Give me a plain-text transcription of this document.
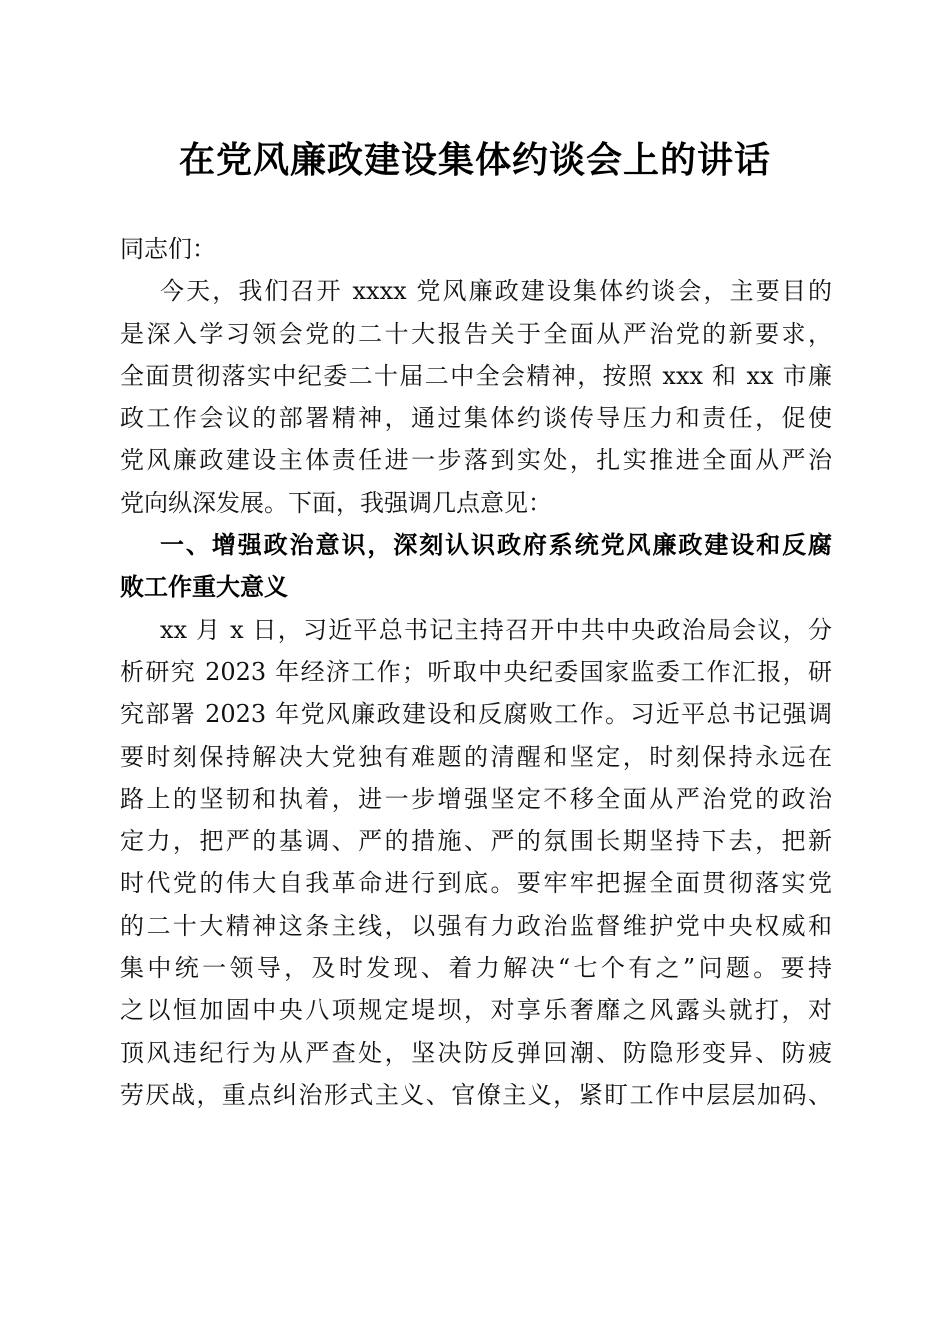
在党风廉政建设集体约谈会上的讲话
同志们：
今天，我们召开 xxxx 党风廉政建设集体约谈会，主要目的
是深入学习领会党的二十大报告关于全面从严治党的新要求，
全面贯彻落实中纪委二十届二中全会精神，按照 xxx 和 xx 市廉
政工作会议的部署精神，通过集体约谈传导压力和责任，促使
党风廉政建设主体责任进一步落到实处，扎实推进全面从严治
党向纵深发展。下面，我强调几点意见：
一、增强政治意识，深刻认识政府系统党风廉政建设和反腐
败工作重大意义
xx 月 x 日，习近平总书记主持召开中共中央政治局会议，分
析研究 2023 年经济工作；听取中央纪委国家监委工作汇报，研
究部署 2023 年党风廉政建设和反腐败工作。习近平总书记强调
要时刻保持解决大党独有难题的清醒和坚定，时刻保持永远在
路上的坚韧和执着，进一步增强坚定不移全面从严治党的政治
定力，把严的基调、严的措施、严的氛围长期坚持下去，把新
时代党的伟大自我革命进行到底。要牢牢把握全面贯彻落实党
的二十大精神这条主线，以强有力政治监督维护党中央权威和
集中统一领导，及时发现、着力解决“七个有之”问题。要持
之以恒加固中央八项规定堤坝，对享乐奢靡之风露头就打，对
顶风违纪行为从严查处，坚决防反弹回潮、防隐形变异、防疲
劳厌战，重点纠治形式主义、官僚主义，紧盯工作中层层加码、
